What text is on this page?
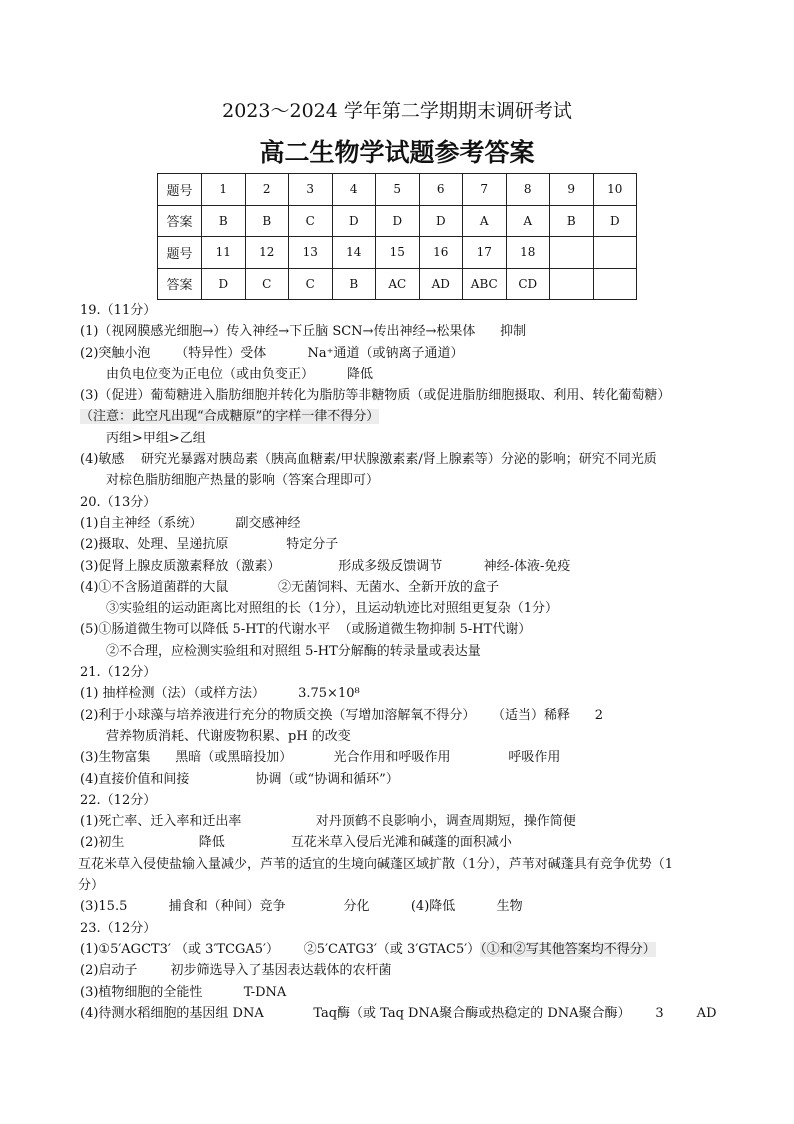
2023～2024 学年第二学期期末调研考试
高二生物学试题参考答案
题号	1	2	3	4	5	6	7	8	9	10
答案	B	B	C	D	D	D	A	A	B	D
题号	11	12	13	14	15	16	17	18		
答案	D	C	C	B	AC	AD	ABC	CD		
19.（11分）
(1)（视网膜感光细胞→）传入神经→下丘脑 SCN→传出神经→松果体      抑制
(2)突触小泡      （特异性）受体          Na⁺通道（或钠离子通道）
由负电位变为正电位（或由负变正）        降低
(3)（促进）葡萄糖进入脂肪细胞并转化为脂肪等非糖物质（或促进脂肪细胞摄取、利用、转化葡萄糖）
（注意：此空凡出现“合成糖原”的字样一律不得分）
丙组>甲组>乙组
(4)敏感    研究光暴露对胰岛素（胰高血糖素/甲状腺激素素/肾上腺素等）分泌的影响；研究不同光质
对棕色脂肪细胞产热量的影响（答案合理即可）
20.（13分）
(1)自主神经（系统）        副交感神经
(2)摄取、处理、呈递抗原              特定分子
(3)促肾上腺皮质激素释放（激素）              形成多级反馈调节          神经-体液-免疫
(4)①不含肠道菌群的大鼠            ②无菌饲料、无菌水、全新开放的盒子
③实验组的运动距离比对照组的长（1分），且运动轨迹比对照组更复杂（1分）
(5)①肠道微生物可以降低 5-HT的代谢水平  （或肠道微生物抑制 5-HT代谢）
②不合理，应检测实验组和对照组 5-HT分解酶的转录量或表达量
21.（12分）
(1) 抽样检测（法）（或样方法）        3.75×10⁸
(2)利于小球藻与培养液进行充分的物质交换（写增加溶解氧不得分）    （适当）稀释      2
营养物质消耗、代谢废物积累、pH 的改变
(3)生物富集      黑暗（或黑暗投加）          光合作用和呼吸作用              呼吸作用
(4)直接价值和间接                协调（或“协调和循环”）
22.（12分）
(1)死亡率、迁入率和迁出率                  对丹顶鹤不良影响小，调查周期短，操作简便
(2)初生                  降低                互花米草入侵后光滩和碱蓬的面积减小
互花米草入侵使盐输入量减少，芦苇的适宜的生境向碱蓬区域扩散（1分），芦苇对碱蓬具有竞争优势（1
分）
(3)15.5          捕食和（种间）竞争              分化          (4)降低          生物
23.（12分）
(1)①5′AGCT3′ （或 3′TCGA5′）      ②5′CATG3′（或 3′GTAC5′）（①和②写其他答案均不得分）
(2)启动子        初步筛选导入了基因表达载体的农杆菌
(3)植物细胞的全能性          T-DNA
(4)待测水稻细胞的基因组 DNA            Taq酶（或 Taq DNA聚合酶或热稳定的 DNA聚合酶）      3        AD
